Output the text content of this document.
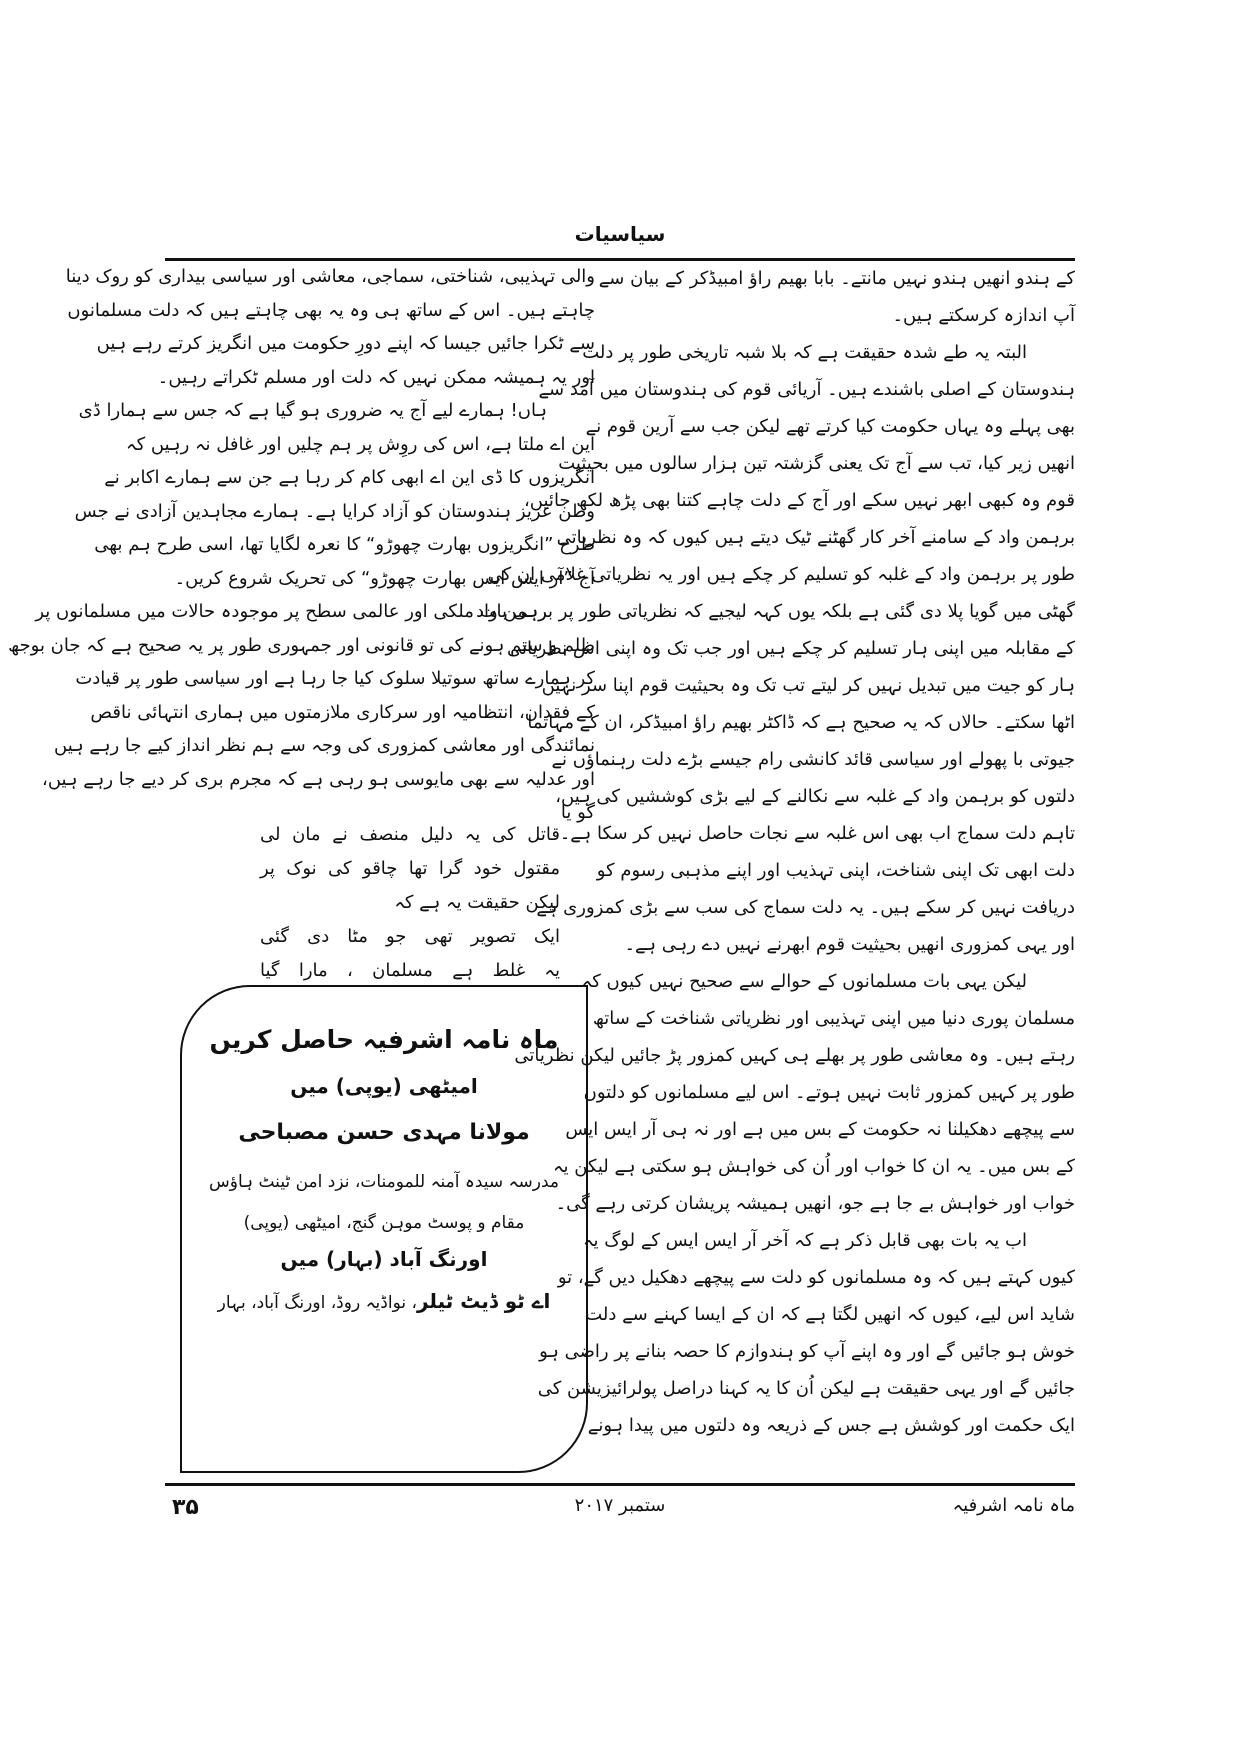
سیاسیات
کے ہندو انھیں ہندو نہیں مانتے۔ بابا بھیم راؤ امبیڈکر کے بیان سے
آپ اندازہ کرسکتے ہیں۔
البتہ یہ طے شدہ حقیقت ہے کہ بلا شبہ تاریخی طور پر دلت
ہندوستان کے اصلی باشندے ہیں۔ آریائی قوم کی ہندوستان میں آمد سے
بھی پہلے وہ یہاں حکومت کیا کرتے تھے لیکن جب سے آرین قوم نے
انھیں زیر کیا، تب سے آج تک یعنی گزشتہ تین ہزار سالوں میں بحیثیت
قوم وہ کبھی ابھر نہیں سکے اور آج کے دلت چاہے کتنا بھی پڑھ لکھ جائیں،
برہمن واد کے سامنے آخر کار گھٹنے ٹیک دیتے ہیں کیوں کہ وہ نظریاتی
طور پر برہمن واد کے غلبہ کو تسلیم کر چکے ہیں اور یہ نظریاتی غلامی ان کی
گھٹی میں گویا پلا دی گئی ہے بلکہ یوں کہہ لیجیے کہ نظریاتی طور پر برہمن واد
کے مقابلہ میں اپنی ہار تسلیم کر چکے ہیں اور جب تک وہ اپنی اس نظریاتی
ہار کو جیت میں تبدیل نہیں کر لیتے تب تک وہ بحیثیت قوم اپنا سر نہیں
اٹھا سکتے۔ حالاں کہ یہ صحیح ہے کہ ڈاکٹر بھیم راؤ امبیڈکر، ان کے مہاتما
جیوتی با پھولے اور سیاسی قائد کانشی رام جیسے بڑے دلت رہنماؤں نے
دلتوں کو برہمن واد کے غلبہ سے نکالنے کے لیے بڑی کوششیں کی ہیں،
تاہم دلت سماج اب بھی اس غلبہ سے نجات حاصل نہیں کر سکا ہے۔
دلت ابھی تک اپنی شناخت، اپنی تہذیب اور اپنے مذہبی رسوم کو
دریافت نہیں کر سکے ہیں۔ یہ دلت سماج کی سب سے بڑی کمزوری ہے
اور یہی کمزوری انھیں بحیثیت قوم ابھرنے نہیں دے رہی ہے۔
لیکن یہی بات مسلمانوں کے حوالے سے صحیح نہیں کیوں کہ
مسلمان پوری دنیا میں اپنی تہذیبی اور نظریاتی شناخت کے ساتھ
رہتے ہیں۔ وہ معاشی طور پر بھلے ہی کہیں کمزور پڑ جائیں لیکن نظریاتی
طور پر کہیں کمزور ثابت نہیں ہوتے۔ اس لیے مسلمانوں کو دلتوں
سے پیچھے دھکیلنا نہ حکومت کے بس میں ہے اور نہ ہی آر ایس ایس
کے بس میں۔ یہ ان کا خواب اور اُن کی خواہش ہو سکتی ہے لیکن یہ
خواب اور خواہش بے جا ہے جو، انھیں ہمیشہ پریشان کرتی رہے گی۔
اب یہ بات بھی قابل ذکر ہے کہ آخر آر ایس ایس کے لوگ یہ
کیوں کہتے ہیں کہ وہ مسلمانوں کو دلت سے پیچھے دھکیل دیں گے، تو
شاید اس لیے، کیوں کہ انھیں لگتا ہے کہ ان کے ایسا کہنے سے دلت
خوش ہو جائیں گے اور وہ اپنے آپ کو ہندوازم کا حصہ بنانے پر راضی ہو
جائیں گے اور یہی حقیقت ہے لیکن اُن کا یہ کہنا دراصل پولرائیزیشن کی
ایک حکمت اور کوشش ہے جس کے ذریعہ وہ دلتوں میں پیدا ہونے
والی تہذیبی، شناختی، سماجی، معاشی اور سیاسی بیداری کو روک دینا
چاہتے ہیں۔ اس کے ساتھ ہی وہ یہ بھی چاہتے ہیں کہ دلت مسلمانوں
سے ٹکرا جائیں جیسا کہ اپنے دورِ حکومت میں انگریز کرتے رہے ہیں
اور یہ ہمیشہ ممکن نہیں کہ دلت اور مسلم ٹکراتے رہیں۔
ہاں! ہمارے لیے آج یہ ضروری ہو گیا ہے کہ جس سے ہمارا ڈی
این اے ملتا ہے، اس کی روِش پر ہم چلیں اور غافل نہ رہیں کہ
انگریزوں کا ڈی این اے ابھی کام کر رہا ہے جن سے ہمارے اکابر نے
وطن عزیز ہندوستان کو آزاد کرایا ہے۔ ہمارے مجاہدین آزادی نے جس
طرح ”انگریزوں بھارت چھوڑو“ کا نعرہ لگایا تھا، اسی طرح ہم بھی
آج ”آر ایس ایس بھارت چھوڑو“ کی تحریک شروع کریں۔
رہی بات ملکی اور عالمی سطح پر موجودہ حالات میں مسلمانوں پر
ظلم و ستم ہونے کی تو قانونی اور جمہوری طور پر یہ صحیح ہے کہ جان بوجھ
کر ہمارے ساتھ سوتیلا سلوک کیا جا رہا ہے اور سیاسی طور پر قیادت
کے فقدان، انتظامیہ اور سرکاری ملازمتوں میں ہماری انتہائی ناقص
نمائندگی اور معاشی کمزوری کی وجہ سے ہم نظر انداز کیے جا رہے ہیں
اور عدلیہ سے بھی مایوسی ہو رہی ہے کہ مجرم بری کر دیے جا رہے ہیں،
گو یا
قاتل کی یہ دلیل منصف نے مان لی
مقتول خود گرا تھا چاقو کی نوک پر
لیکن حقیقت یہ ہے کہ
ایک تصویر تھی جو مٹا دی گئی
یہ غلط ہے مسلمان ، مارا گیا
ماہ نامہ اشرفیہ حاصل کریں
امیٹھی (یوپی) میں
مولانا مہدی حسن مصباحی
مدرسہ سیدہ آمنہ للمومنات، نزد امن ٹینٹ ہاؤس
مقام و پوسٹ موہن گنج، امیٹھی (یوپی)
اورنگ آباد (بہار) میں
اے ٹو ڈیٹ ٹیلر، نواڈیہ روڈ، اورنگ آباد، بہار
ماہ نامہ اشرفیہ
ستمبر ۲۰۱۷
۳۵
